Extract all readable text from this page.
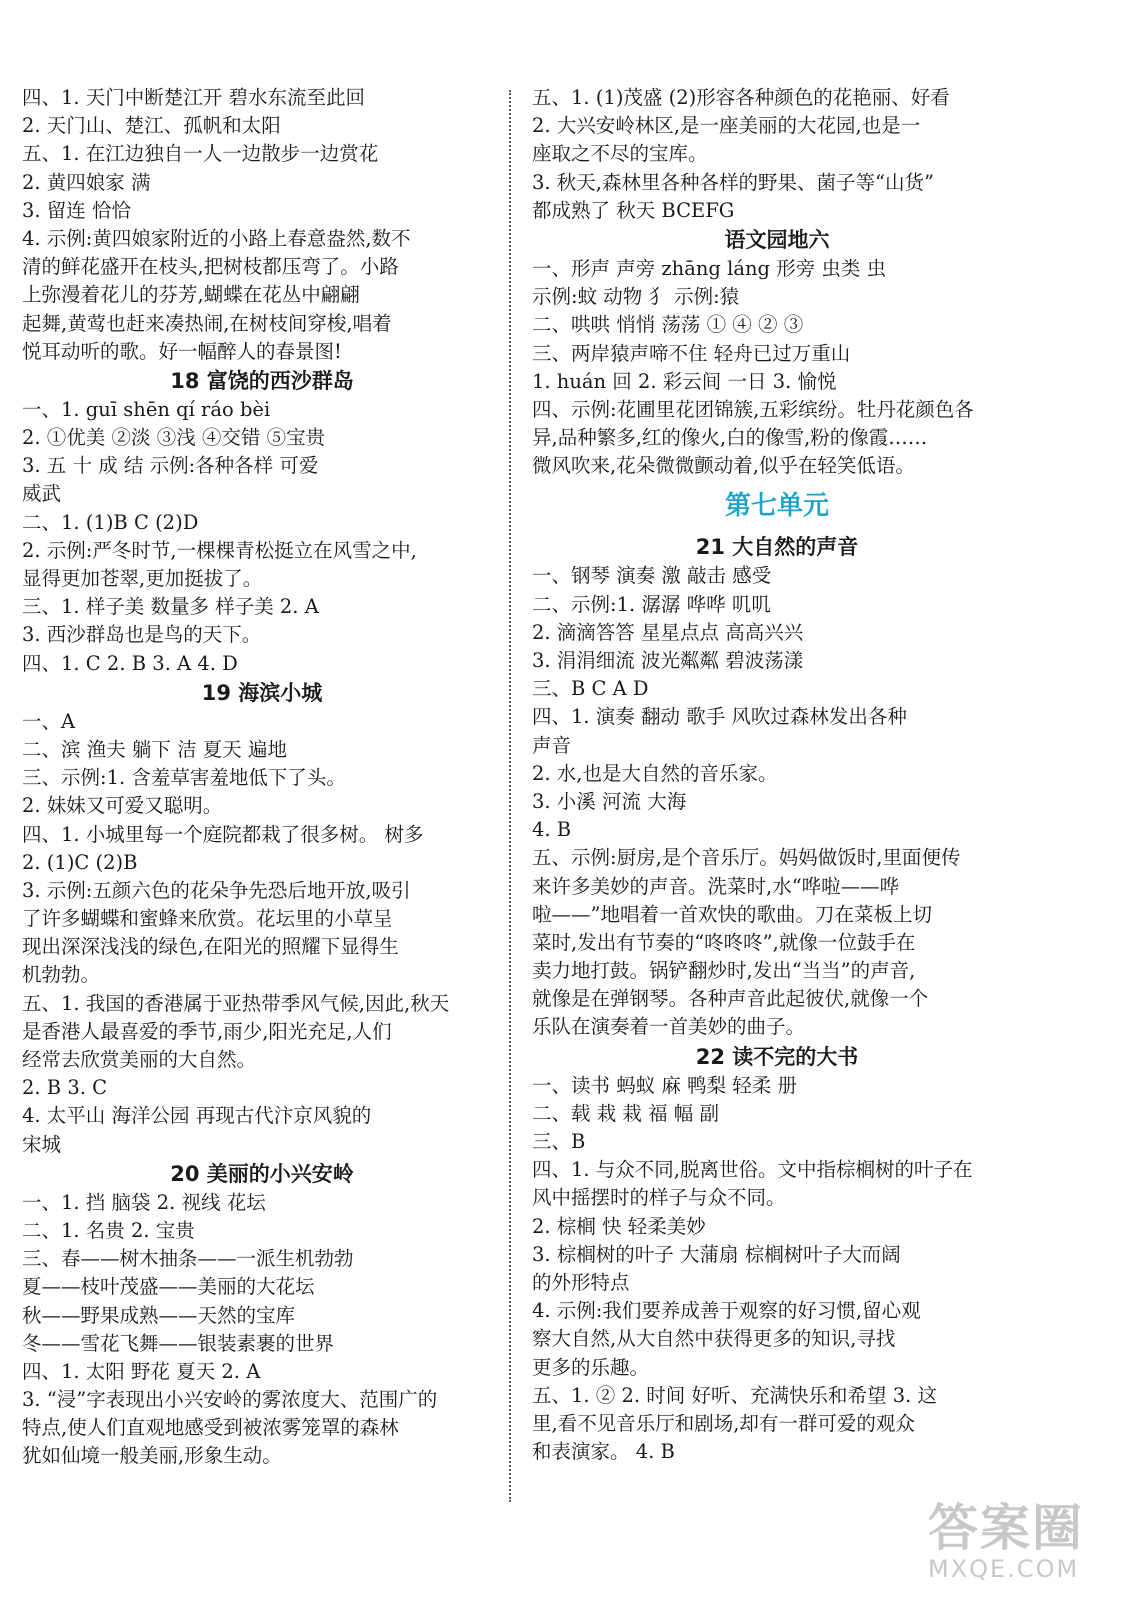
四、1. 天门中断楚江开 碧水东流至此回
2. 天门山、楚江、孤帆和太阳
五、1. 在江边独自一人一边散步一边赏花
2. 黄四娘家 满
3. 留连 恰恰
4. 示例:黄四娘家附近的小路上春意盎然,数不
清的鲜花盛开在枝头,把树枝都压弯了。小路
上弥漫着花儿的芬芳,蝴蝶在花丛中翩翩
起舞,黄莺也赶来凑热闹,在树枝间穿梭,唱着
悦耳动听的歌。好一幅醉人的春景图!
18 富饶的西沙群岛
一、1. guī shēn qí ráo bèi
2. ①优美 ②淡 ③浅 ④交错 ⑤宝贵
3. 五 十 成 结 示例:各种各样 可爱
威武
二、1. (1)B C (2)D
2. 示例:严冬时节,一棵棵青松挺立在风雪之中,
显得更加苍翠,更加挺拔了。
三、1. 样子美 数量多 样子美 2. A
3. 西沙群岛也是鸟的天下。
四、1. C 2. B 3. A 4. D
19 海滨小城
一、A
二、滨 渔夫 躺下 洁 夏天 遍地
三、示例:1. 含羞草害羞地低下了头。
2. 妹妹又可爱又聪明。
四、1. 小城里每一个庭院都栽了很多树。 树多
2. (1)C (2)B
3. 示例:五颜六色的花朵争先恐后地开放,吸引
了许多蝴蝶和蜜蜂来欣赏。花坛里的小草呈
现出深深浅浅的绿色,在阳光的照耀下显得生
机勃勃。
五、1. 我国的香港属于亚热带季风气候,因此,秋天
是香港人最喜爱的季节,雨少,阳光充足,人们
经常去欣赏美丽的大自然。
2. B 3. C
4. 太平山 海洋公园 再现古代汴京风貌的
宋城
20 美丽的小兴安岭
一、1. 挡 脑袋 2. 视线 花坛
二、1. 名贵 2. 宝贵
三、春——树木抽条——一派生机勃勃
夏——枝叶茂盛——美丽的大花坛
秋——野果成熟——天然的宝库
冬——雪花飞舞——银装素裹的世界
四、1. 太阳 野花 夏天 2. A
3. “浸”字表现出小兴安岭的雾浓度大、范围广的
特点,使人们直观地感受到被浓雾笼罩的森林
犹如仙境一般美丽,形象生动。
五、1. (1)茂盛 (2)形容各种颜色的花艳丽、好看
2. 大兴安岭林区,是一座美丽的大花园,也是一
座取之不尽的宝库。
3. 秋天,森林里各种各样的野果、菌子等“山货”
都成熟了 秋天 BCEFG
语文园地六
一、形声 声旁 zhāng láng 形旁 虫类 虫
示例:蚊 动物 犭 示例:猿
二、哄哄 悄悄 荡荡 ① ④ ② ③
三、两岸猿声啼不住 轻舟已过万重山
1. huán 回 2. 彩云间 一日 3. 愉悦
四、示例:花圃里花团锦簇,五彩缤纷。牡丹花颜色各
异,品种繁多,红的像火,白的像雪,粉的像霞……
微风吹来,花朵微微颤动着,似乎在轻笑低语。
第七单元
21 大自然的声音
一、钢琴 演奏 激 敲击 感受
二、示例:1. 潺潺 哗哗 叽叽
2. 滴滴答答 星星点点 高高兴兴
3. 涓涓细流 波光粼粼 碧波荡漾
三、B C A D
四、1. 演奏 翻动 歌手 风吹过森林发出各种
声音
2. 水,也是大自然的音乐家。
3. 小溪 河流 大海
4. B
五、示例:厨房,是个音乐厅。妈妈做饭时,里面便传
来许多美妙的声音。洗菜时,水“哗啦——哗
啦——”地唱着一首欢快的歌曲。刀在菜板上切
菜时,发出有节奏的“咚咚咚”,就像一位鼓手在
卖力地打鼓。锅铲翻炒时,发出“当当”的声音,
就像是在弹钢琴。各种声音此起彼伏,就像一个
乐队在演奏着一首美妙的曲子。
22 读不完的大书
一、读书 蚂蚁 麻 鸭梨 轻柔 册
二、载 栽 栽 福 幅 副
三、B
四、1. 与众不同,脱离世俗。文中指棕榈树的叶子在
风中摇摆时的样子与众不同。
2. 棕榈 快 轻柔美妙
3. 棕榈树的叶子 大蒲扇 棕榈树叶子大而阔
的外形特点
4. 示例:我们要养成善于观察的好习惯,留心观
察大自然,从大自然中获得更多的知识,寻找
更多的乐趣。
五、1. ② 2. 时间 好听、充满快乐和希望 3. 这
里,看不见音乐厅和剧场,却有一群可爱的观众
和表演家。 4. B
答案圈
MXQE.COM
